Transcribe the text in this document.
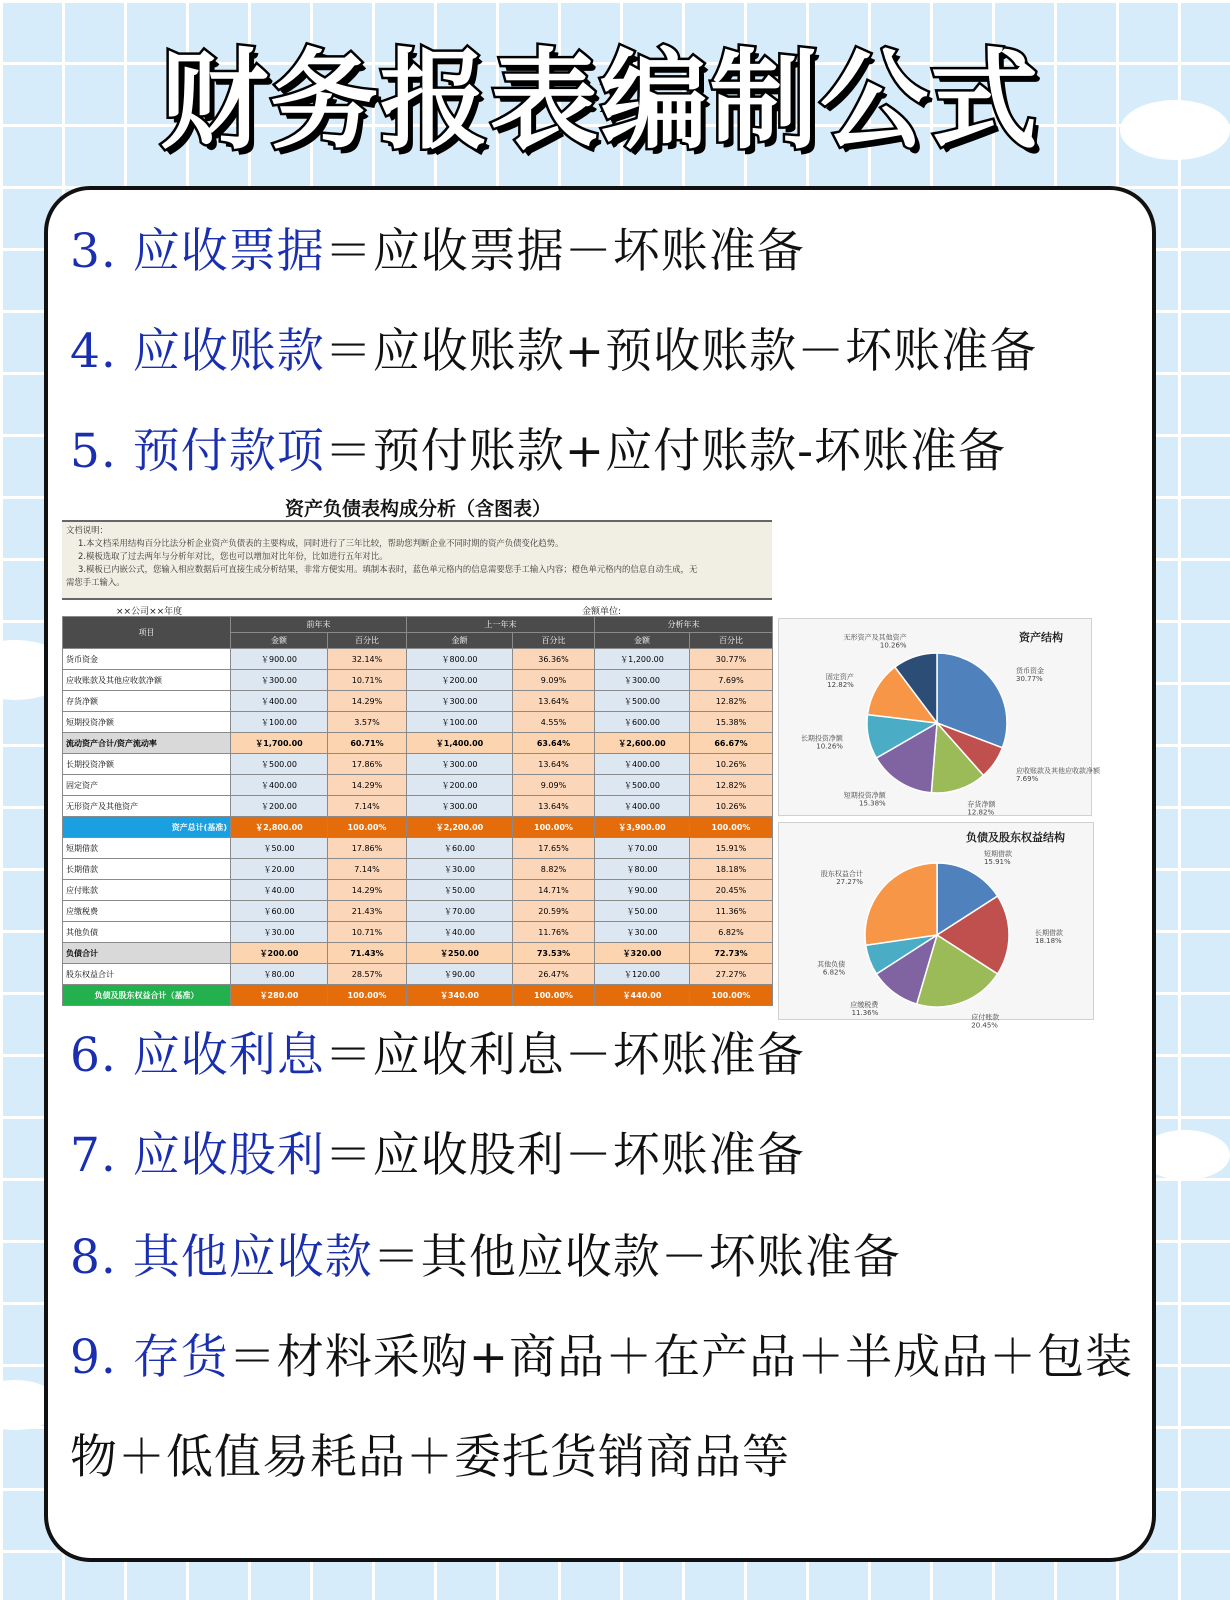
财务报表编制公式
3. 应收票据＝应收票据－坏账准备
4. 应收账款＝应收账款+预收账款－坏账准备
5. 预付款项＝预付账款+应付账款-坏账准备
资产负债表构成分析（含图表）
文档说明：
1.本文档采用结构百分比法分析企业资产负债表的主要构成，同时进行了三年比较，帮助您判断企业不同时期的资产负债变化趋势。
2.模板选取了过去两年与分析年对比，您也可以增加对比年份，比如进行五年对比。
3.模板已内嵌公式，您输入相应数据后可直接生成分析结果，非常方便实用。填制本表时，蓝色单元格内的信息需要您手工输入内容；橙色单元格内的信息自动生成，无
需您手工输入。
××公司××年度	金额单位:
项目	前年末		上一年末		分析年末	
	金额	百分比	金额	百分比	金额	百分比
货币资金	￥900.00	32.14%	￥800.00	36.36%	￥1,200.00	30.77%
应收账款及其他应收款净额	￥300.00	10.71%	￥200.00	9.09%	￥300.00	7.69%
存货净额	￥400.00	14.29%	￥300.00	13.64%	￥500.00	12.82%
短期投资净额	￥100.00	3.57%	￥100.00	4.55%	￥600.00	15.38%
流动资产合计/资产流动率	￥1,700.00	60.71%	￥1,400.00	63.64%	￥2,600.00	66.67%
长期投资净额	￥500.00	17.86%	￥300.00	13.64%	￥400.00	10.26%
固定资产	￥400.00	14.29%	￥200.00	9.09%	￥500.00	12.82%
无形资产及其他资产	￥200.00	7.14%	￥300.00	13.64%	￥400.00	10.26%
资产总计(基准)	￥2,800.00	100.00%	￥2,200.00	100.00%	￥3,900.00	100.00%
短期借款	￥50.00	17.86%	￥60.00	17.65%	￥70.00	15.91%
长期借款	￥20.00	7.14%	￥30.00	8.82%	￥80.00	18.18%
应付账款	￥40.00	14.29%	￥50.00	14.71%	￥90.00	20.45%
应缴税费	￥60.00	21.43%	￥70.00	20.59%	￥50.00	11.36%
其他负债	￥30.00	10.71%	￥40.00	11.76%	￥30.00	6.82%
负债合计	￥200.00	71.43%	￥250.00	73.53%	￥320.00	72.73%
股东权益合计	￥80.00	28.57%	￥90.00	26.47%	￥120.00	27.27%
负债及股东权益合计（基准）	￥280.00	100.00%	￥340.00	100.00%	￥440.00	100.00%
资产结构
货币资金
30.77%
应收账款及其他应收款净额
7.69%
存货净额
12.82%
短期投资净额
15.38%
长期投资净额
10.26%
固定资产
12.82%
无形资产及其他资产
10.26%
负债及股东权益结构
短期借款
15.91%
长期借款
18.18%
应付账款
20.45%
应缴税费
11.36%
其他负债
6.82%
股东权益合计
27.27%
6. 应收利息＝应收利息－坏账准备
7. 应收股利＝应收股利－坏账准备
8. 其他应收款＝其他应收款－坏账准备
9. 存货＝材料采购+商品＋在产品＋半成品＋包装
物＋低值易耗品＋委托货销商品等
